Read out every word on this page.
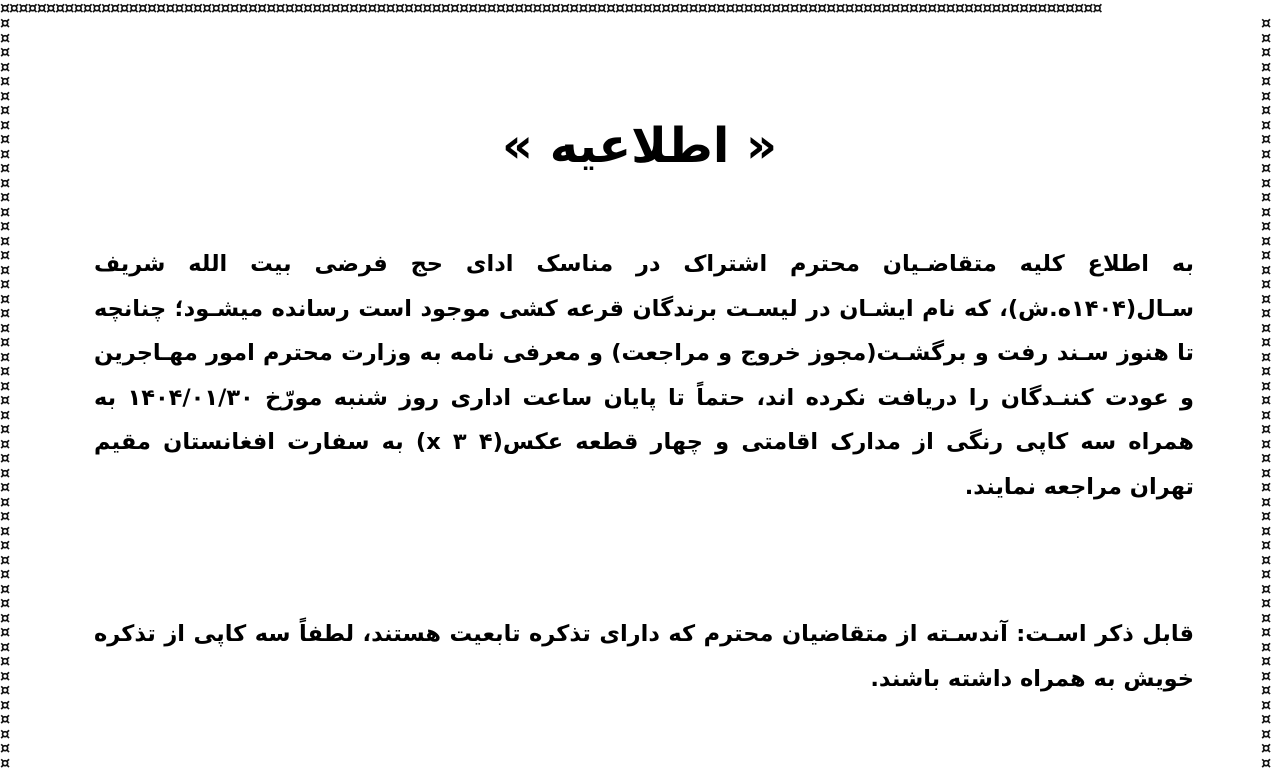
¤¤¤¤¤¤¤¤¤¤¤¤¤¤¤¤¤¤¤¤¤¤¤¤¤¤¤¤¤¤¤¤¤¤¤¤¤¤¤¤¤¤¤¤¤¤¤¤¤¤¤¤¤¤¤¤¤¤¤¤¤¤¤¤¤¤¤¤¤¤¤¤¤¤¤¤¤¤¤¤¤¤¤¤¤¤¤¤¤¤¤¤¤¤¤¤¤¤¤¤¤¤¤¤¤¤¤¤¤¤¤¤¤¤¤¤¤¤¤¤
¤¤¤¤¤¤¤¤¤¤¤¤¤¤¤¤¤¤¤¤¤¤¤¤¤¤¤¤¤¤¤¤¤¤¤¤¤¤¤¤¤¤¤¤¤¤¤¤¤¤¤¤
¤¤¤¤¤¤¤¤¤¤¤¤¤¤¤¤¤¤¤¤¤¤¤¤¤¤¤¤¤¤¤¤¤¤¤¤¤¤¤¤¤¤¤¤¤¤¤¤¤¤¤¤
« اطلاعیه »

به اطلاع کلیه متقاضـیان محترم اشتراک در مناسک ادای حج فرضی بیت الله شریف سـال(۱۴۰۴ه.ش)، که نام ایشـان در لیسـت برندگان قرعه کشی موجود است رسانده میشـود؛ چنانچه تا هنوز سـند رفت و برگشـت(مجوز خروج و مراجعت) و معرفی نامه به وزارت محترم امور مهـاجرین و عودت کننـدگان را دریافت نکرده اند، حتماً تا پایان ساعت اداری روز شنبه مورّخ ۱۴۰۴/۰۱/۳۰ به همراه سه کاپی رنگی از مدارک اقامتی و چهار قطعه عکس(۴ x ۳) به سفارت افغانستان مقیم تهران مراجعه نمایند.

قابل ذکر اسـت: آندسـته از متقاضیان محترم که دارای تذکره تابعیت هستند، لطفاً سه کاپی از تذکره خویش به همراه داشته باشند.
